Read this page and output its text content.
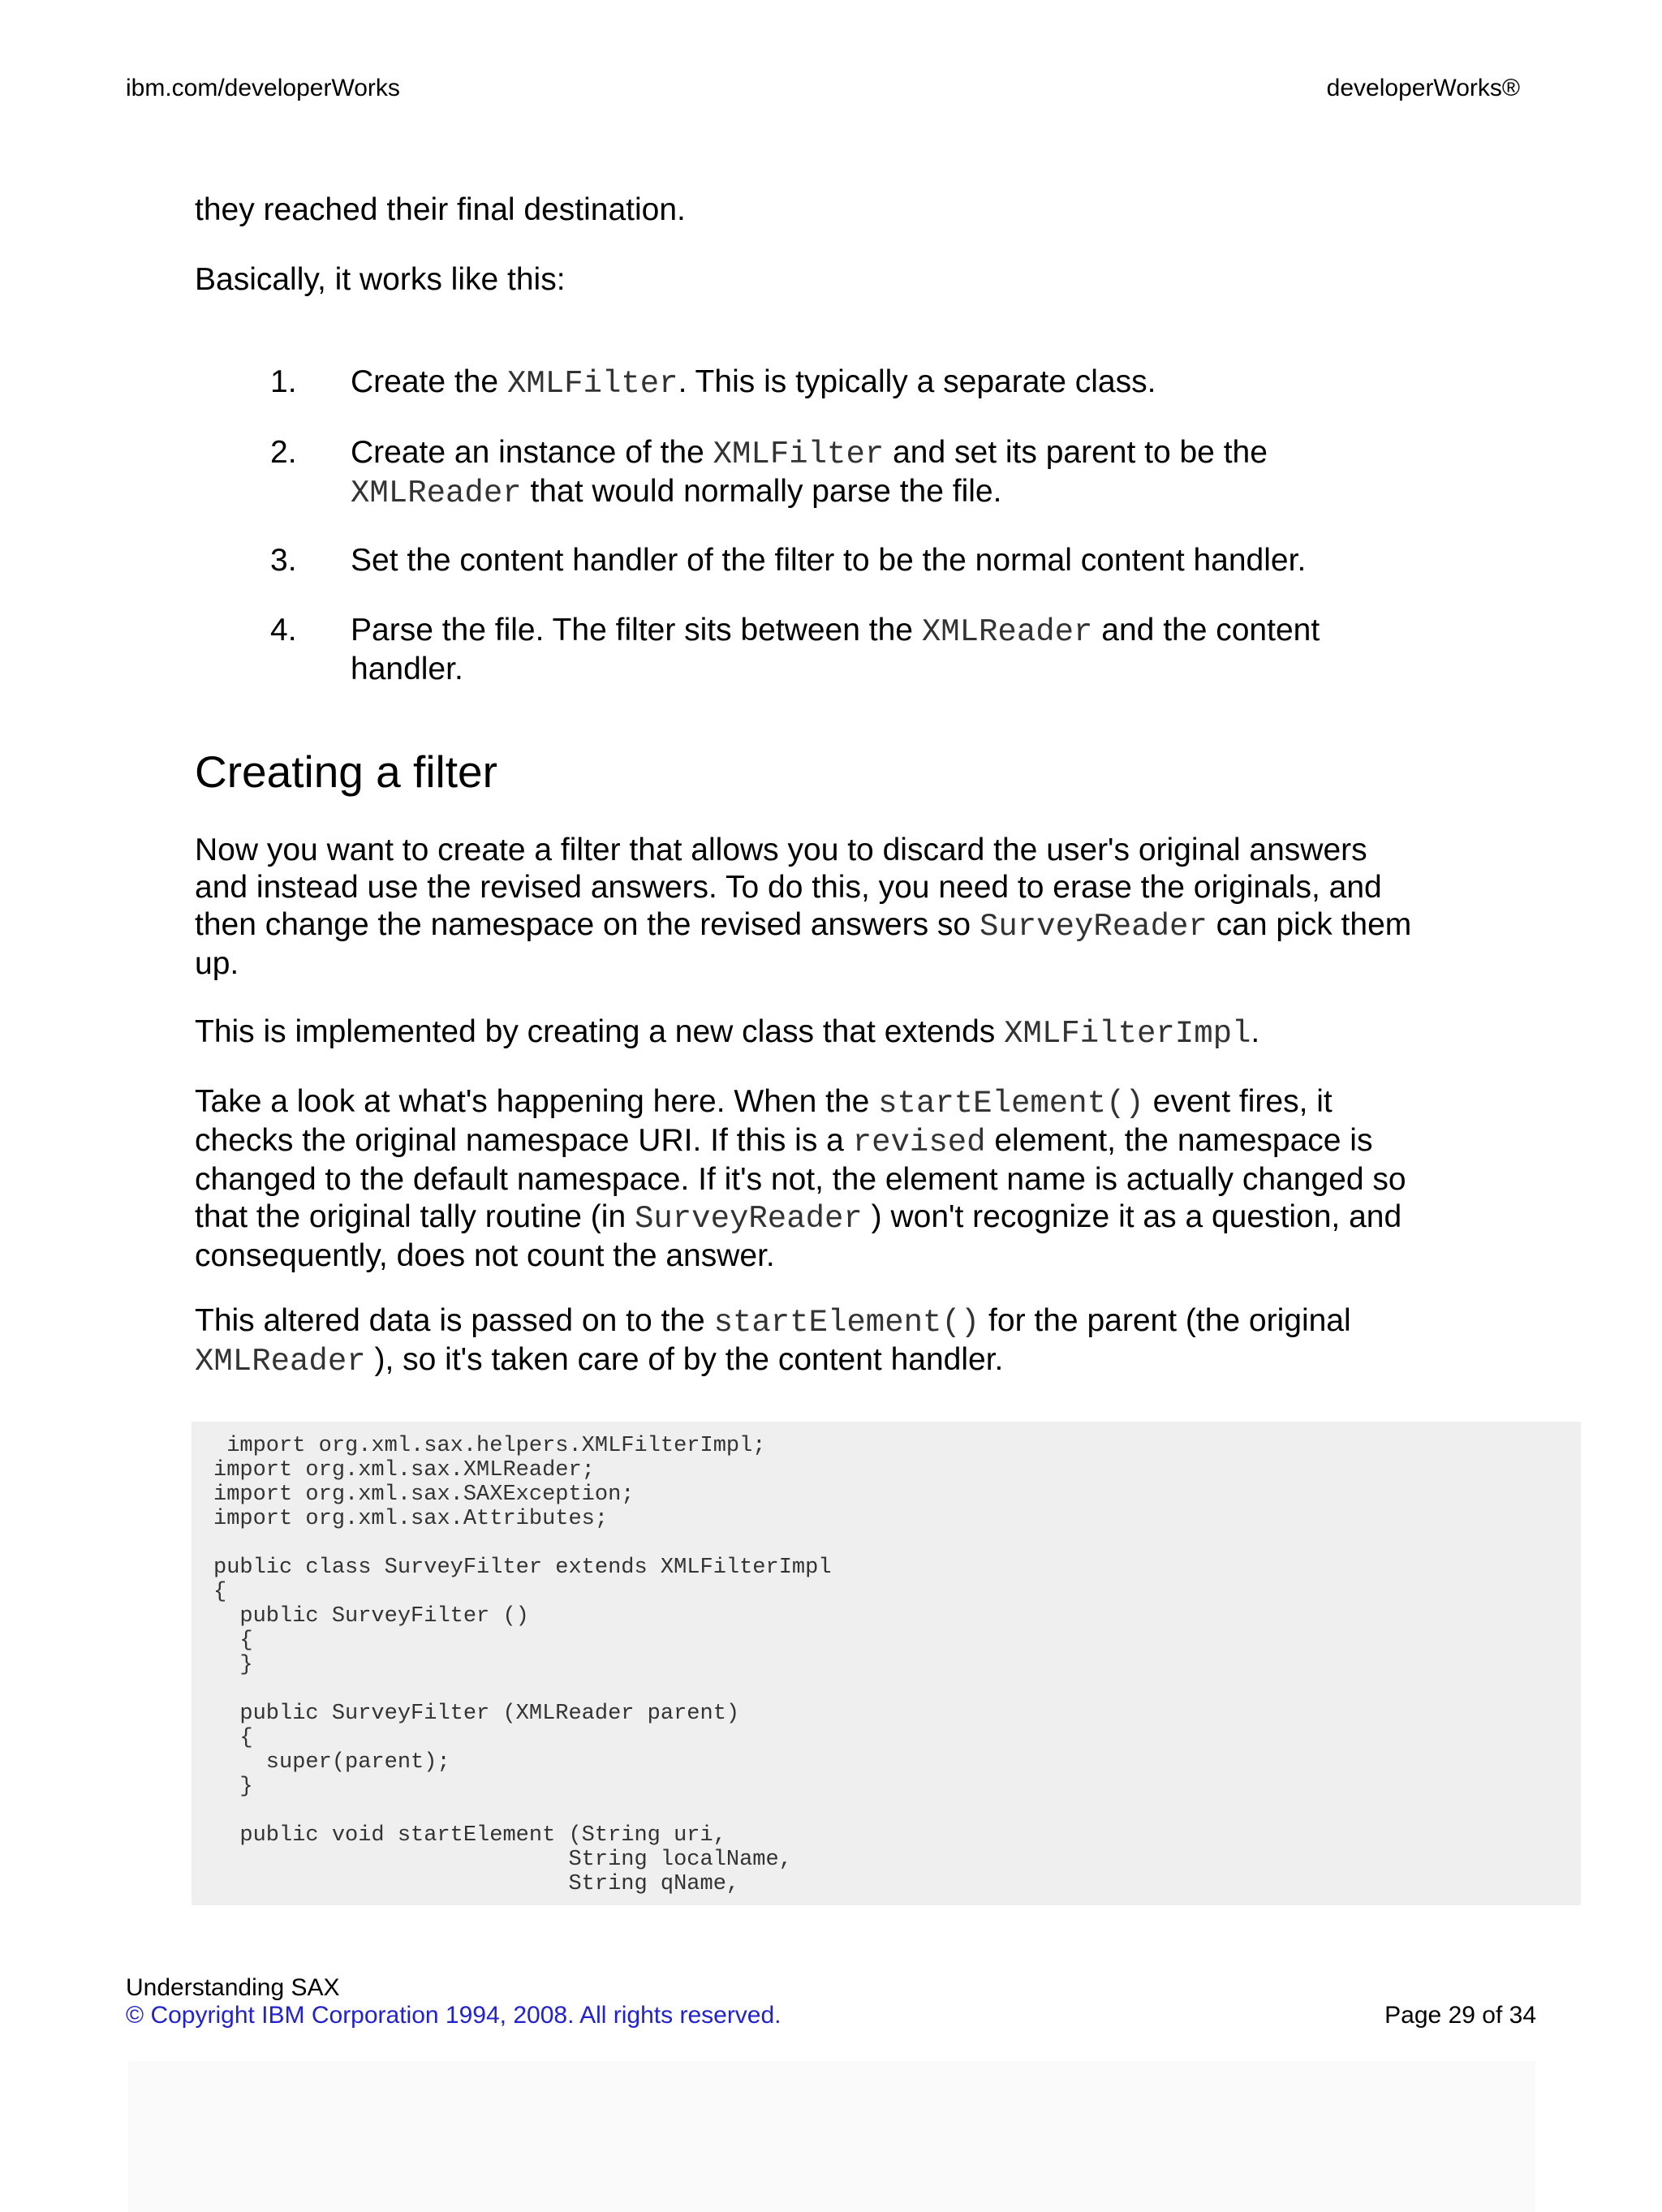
ibm.com/developerWorks	developerWorks®
they reached their final destination.
Basically, it works like this:
1. Create the XMLFilter. This is typically a separate class.
2. Create an instance of the XMLFilter and set its parent to be the
XMLReader that would normally parse the file.
3. Set the content handler of the filter to be the normal content handler.
4. Parse the file. The filter sits between the XMLReader and the content handler.
Creating a filter
Now you want to create a filter that allows you to discard the user's original answers and instead use the revised answers. To do this, you need to erase the originals, and then change the namespace on the revised answers so SurveyReader can pick them up.
This is implemented by creating a new class that extends XMLFilterImpl.
Take a look at what's happening here. When the startElement() event fires, it checks the original namespace URI. If this is a revised element, the namespace is changed to the default namespace. If it's not, the element name is actually changed so that the original tally routine (in SurveyReader ) won't recognize it as a question, and consequently, does not count the answer.
This altered data is passed on to the startElement() for the parent (the original XMLReader ), so it's taken care of by the content handler.
import org.xml.sax.helpers.XMLFilterImpl;
import org.xml.sax.XMLReader;
import org.xml.sax.SAXException;
import org.xml.sax.Attributes;

public class SurveyFilter extends XMLFilterImpl
{
public SurveyFilter ()
{
}

public SurveyFilter (XMLReader parent)
{
super(parent);
}

public void startElement (String uri,
String localName,
String qName,
Understanding SAX
© Copyright IBM Corporation 1994, 2008. All rights reserved.	Page 29 of 34
